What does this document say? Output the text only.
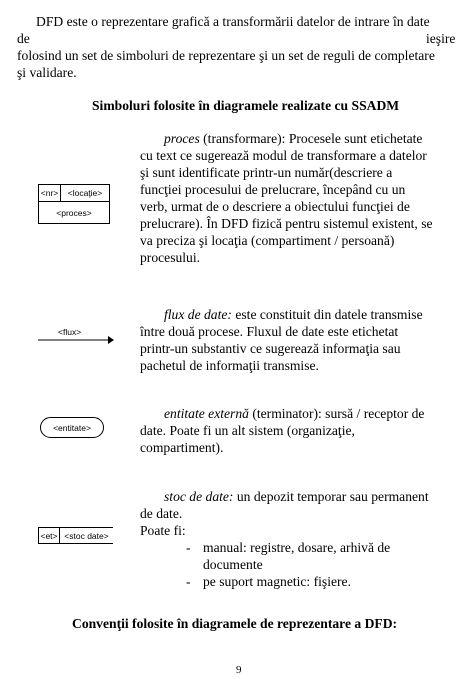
DFD este o reprezentare grafică a transformării datelor de intrare în date
de	ieşire
folosind un set de simboluri de reprezentare şi un set de reguli de completare
şi validare.
Simboluri folosite în diagramele realizate cu SSADM
<nr>	<locaţie>
<proces>
proces (transformare): Procesele sunt etichetate
cu text ce sugerează modul de transformare a datelor
şi sunt identificate printr-un număr(descriere a
funcţiei procesului de prelucrare, începând cu un
verb, urmat de o descriere a obiectului funcţiei de
prelucrare). În DFD fizică pentru sistemul existent, se
va preciza şi locaţia (compartiment / persoană)
procesului.
<flux>
flux de date: este constituit din datele transmise
între două procese. Fluxul de date este etichetat
printr-un substantiv ce sugerează informaţia sau
pachetul de informaţii transmise.
<entitate>
entitate externă (terminator): sursă / receptor de
date. Poate fi un alt sistem (organizaţie,
compartiment).
<et> <stoc date>
stoc de date: un depozit temporar sau permanent
de date.
Poate fi:
- manual: registre, dosare, arhivă de
documente
- pe suport magnetic: fişiere.
Convenţii folosite în diagramele de reprezentare a DFD:
9
